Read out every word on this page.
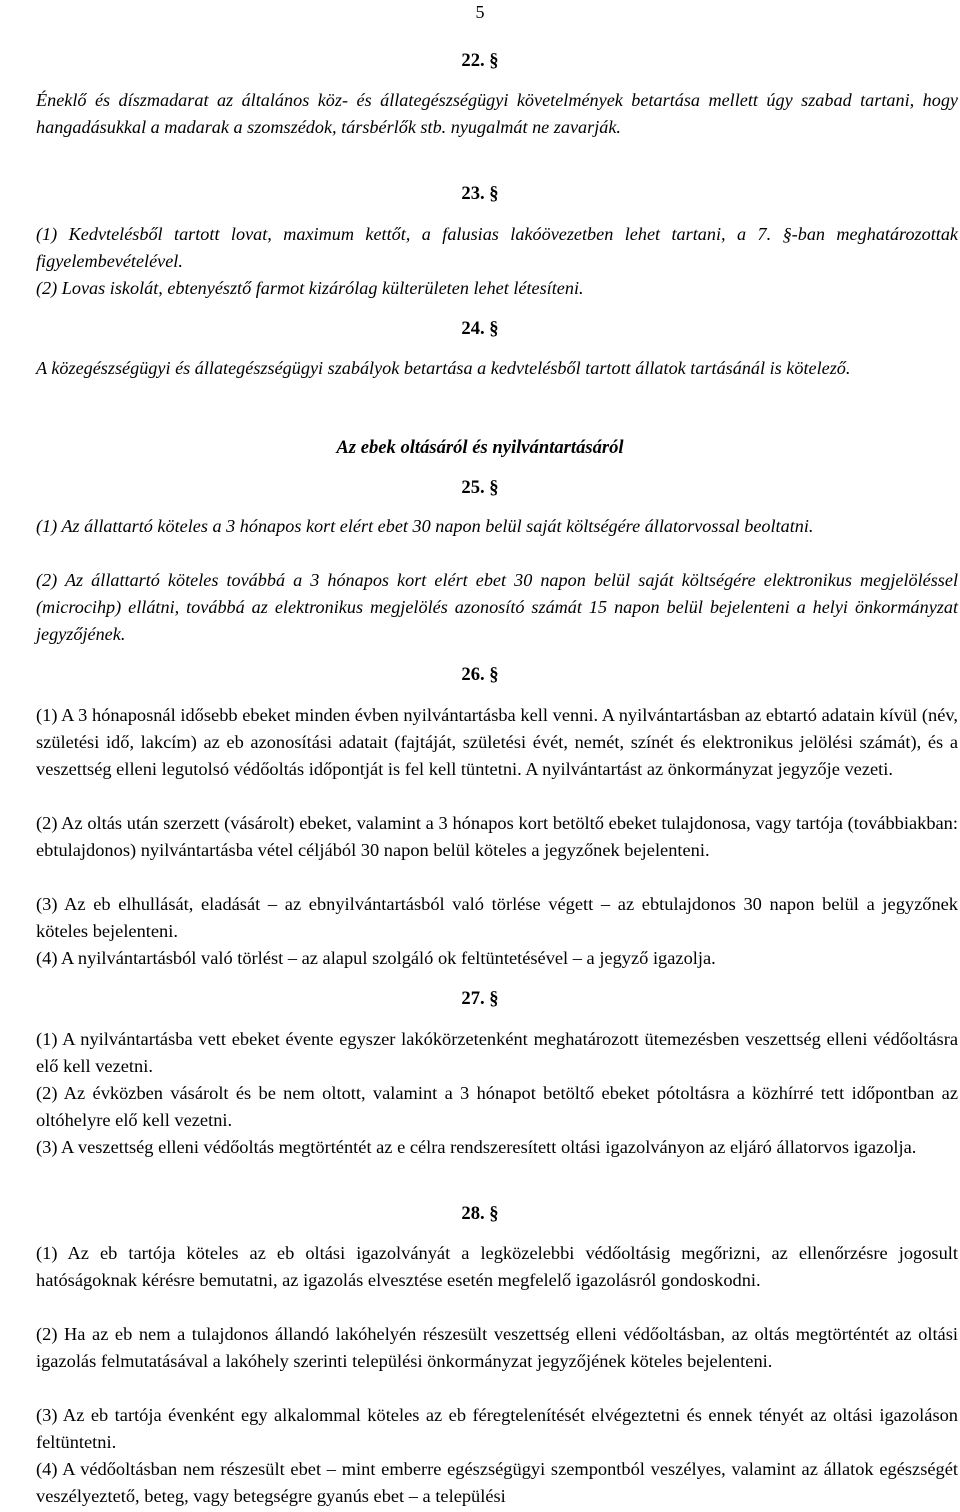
5
22. §
Éneklő és díszmadarat az általános köz- és állategészségügyi követelmények betartása mellett úgy szabad tartani, hogy hangadásukkal a madarak a szomszédok, társbérlők stb. nyugalmát ne zavarják.
23. §
(1) Kedvtelésből tartott lovat, maximum kettőt, a falusias lakóövezetben lehet tartani, a 7. §-ban meghatározottak figyelembevételével.
(2) Lovas iskolát, ebtenyésztő farmot kizárólag külterületen lehet létesíteni.
24. §
A közegészségügyi és állategészségügyi szabályok betartása a kedvtelésből tartott állatok tartásánál is kötelező.
Az ebek oltásáról és nyilvántartásáról
25. §
(1) Az állattartó köteles a 3 hónapos kort elért ebet 30 napon belül saját költségére állatorvossal beoltatni.
(2) Az állattartó köteles továbbá a 3 hónapos kort elért ebet 30 napon belül saját költségére elektronikus megjelöléssel (microcihp) ellátni, továbbá az elektronikus megjelölés azonosító számát 15 napon belül bejelenteni a helyi önkormányzat jegyzőjének.
26. §
(1) A 3 hónaposnál idősebb ebeket minden évben nyilvántartásba kell venni. A nyilvántartásban az ebtartó adatain kívül (név, születési idő, lakcím) az eb azonosítási adatait (fajtáját, születési évét, nemét, színét és elektronikus jelölési számát), és a veszettség elleni legutolsó védőoltás időpontját is fel kell tüntetni. A nyilvántartást az önkormányzat jegyzője vezeti.
(2) Az oltás után szerzett (vásárolt) ebeket, valamint a 3 hónapos kort betöltő ebeket tulajdonosa, vagy tartója (továbbiakban: ebtulajdonos) nyilvántartásba vétel céljából 30 napon belül köteles a jegyzőnek bejelenteni.
(3) Az eb elhullását, eladását – az ebnyilvántartásból való törlése végett – az ebtulajdonos 30 napon belül a jegyzőnek köteles bejelenteni.
(4) A nyilvántartásból való törlést – az alapul szolgáló ok feltüntetésével – a jegyző igazolja.
27. §
(1) A nyilvántartásba vett ebeket évente egyszer lakókörzetenként meghatározott ütemezésben veszettség elleni védőoltásra elő kell vezetni.
(2) Az évközben vásárolt és be nem oltott, valamint a 3 hónapot betöltő ebeket pótoltásra a közhírré tett időpontban az oltóhelyre elő kell vezetni.
(3) A veszettség elleni védőoltás megtörténtét az e célra rendszeresített oltási igazolványon az eljáró állatorvos igazolja.
28. §
(1) Az eb tartója köteles az eb oltási igazolványát a legközelebbi védőoltásig megőrizni, az ellenőrzésre jogosult hatóságoknak kérésre bemutatni, az igazolás elvesztése esetén megfelelő igazolásról gondoskodni.
(2) Ha az eb nem a tulajdonos állandó lakóhelyén részesült veszettség elleni védőoltásban, az oltás megtörténtét az oltási igazolás felmutatásával a lakóhely szerinti települési önkormányzat jegyzőjének köteles bejelenteni.
(3) Az eb tartója évenként egy alkalommal köteles az eb féregtelenítését elvégeztetni és ennek tényét az oltási igazoláson feltüntetni.
(4) A védőoltásban nem részesült ebet – mint emberre egészségügyi szempontból veszélyes, valamint az állatok egészségét veszélyeztető, beteg, vagy betegségre gyanús ebet – a települési
